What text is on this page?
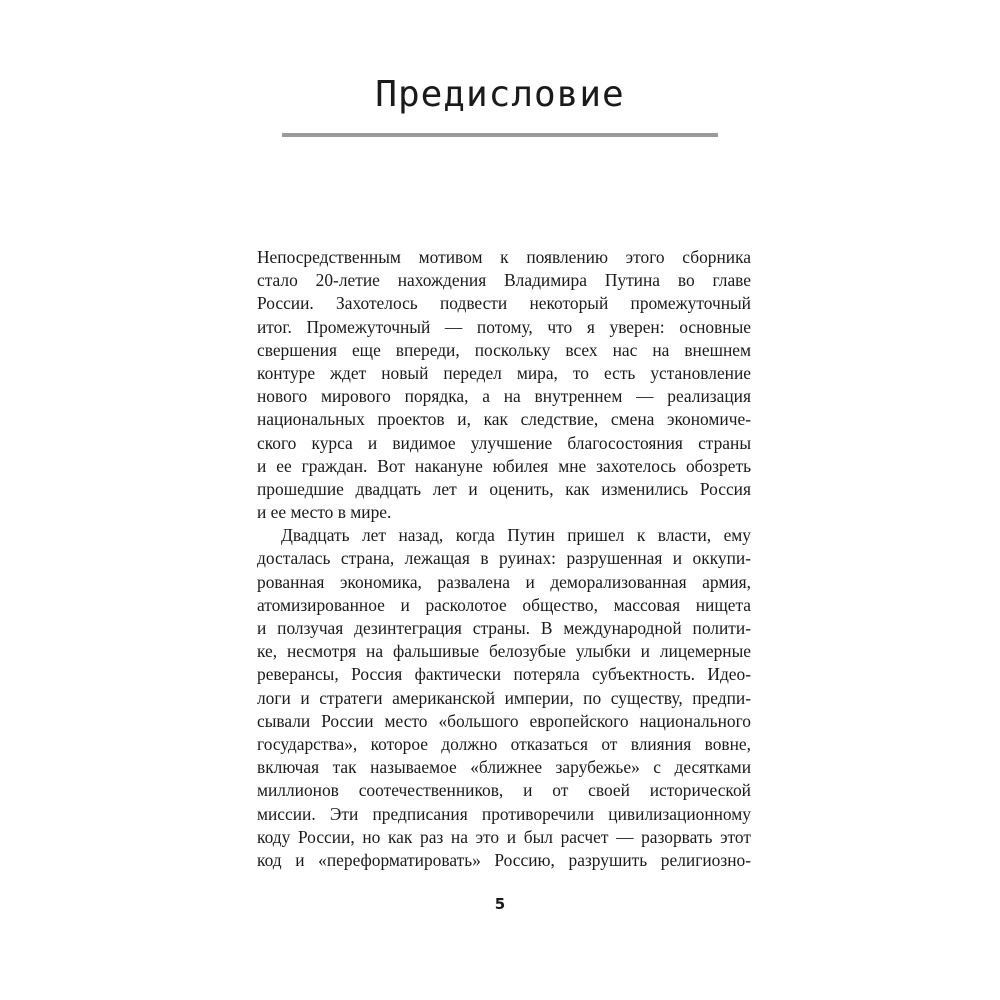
Предисловие
Непосредственным мотивом к появлению этого сборника
стало 20-летие нахождения Владимира Путина во главе
России. Захотелось подвести некоторый промежуточный
итог. Промежуточный — потому, что я уверен: основные
свершения еще впереди, поскольку всех нас на внешнем
контуре ждет новый передел мира, то есть установление
нового мирового порядка, а на внутреннем — реализация
национальных проектов и, как следствие, смена экономиче-
ского курса и видимое улучшение благосостояния страны
и ее граждан. Вот накануне юбилея мне захотелось обозреть
прошедшие двадцать лет и оценить, как изменились Россия
и ее место в мире.
Двадцать лет назад, когда Путин пришел к власти, ему
досталась страна, лежащая в руинах: разрушенная и оккупи-
рованная экономика, развалена и деморализованная армия,
атомизированное и расколотое общество, массовая нищета
и ползучая дезинтеграция страны. В международной полити-
ке, несмотря на фальшивые белозубые улыбки и лицемерные
реверансы, Россия фактически потеряла субъектность. Идео-
логи и стратеги американской империи, по существу, предпи-
сывали России место «большого европейского национального
государства», которое должно отказаться от влияния вовне,
включая так называемое «ближнее зарубежье» с десятками
миллионов соотечественников, и от своей исторической
миссии. Эти предписания противоречили цивилизационному
коду России, но как раз на это и был расчет — разорвать этот
код и «переформатировать» Россию, разрушить религиозно-
5
